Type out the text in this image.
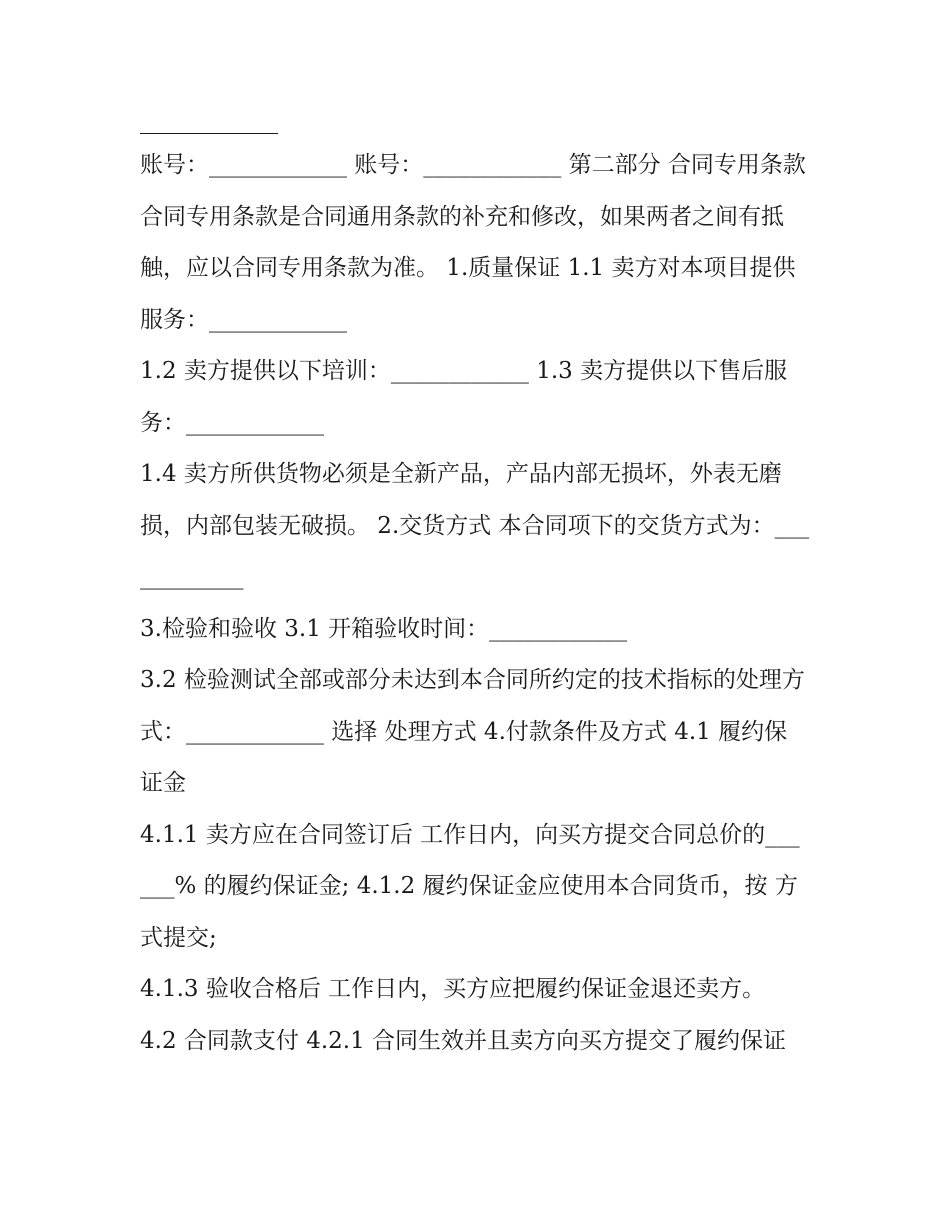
账号：____________ 账号：____________ 第二部分 合同专用条款

合同专用条款是合同通用条款的补充和修改，如果两者之间有抵触，应以合同专用条款为准。 1.质量保证 1.1 卖方对本项目提供服务：____________

1.2 卖方提供以下培训：____________ 1.3 卖方提供以下售后服务：____________

1.4 卖方所供货物必须是全新产品，产品内部无损坏，外表无磨损，内部包装无破损。 2.交货方式 本合同项下的交货方式为：____________

3.检验和验收 3.1 开箱验收时间：____________

3.2 检验测试全部或部分未达到本合同所约定的技术指标的处理方式：____________ 选择 处理方式 4.付款条件及方式 4.1 履约保证金

4.1.1 卖方应在合同签订后 工作日内，向买方提交合同总价的______% 的履约保证金; 4.1.2 履约保证金应使用本合同货币，按 方式提交;

4.1.3 验收合格后 工作日内，买方应把履约保证金退还卖方。

4.2 合同款支付 4.2.1 合同生效并且卖方向买方提交了履约保证
